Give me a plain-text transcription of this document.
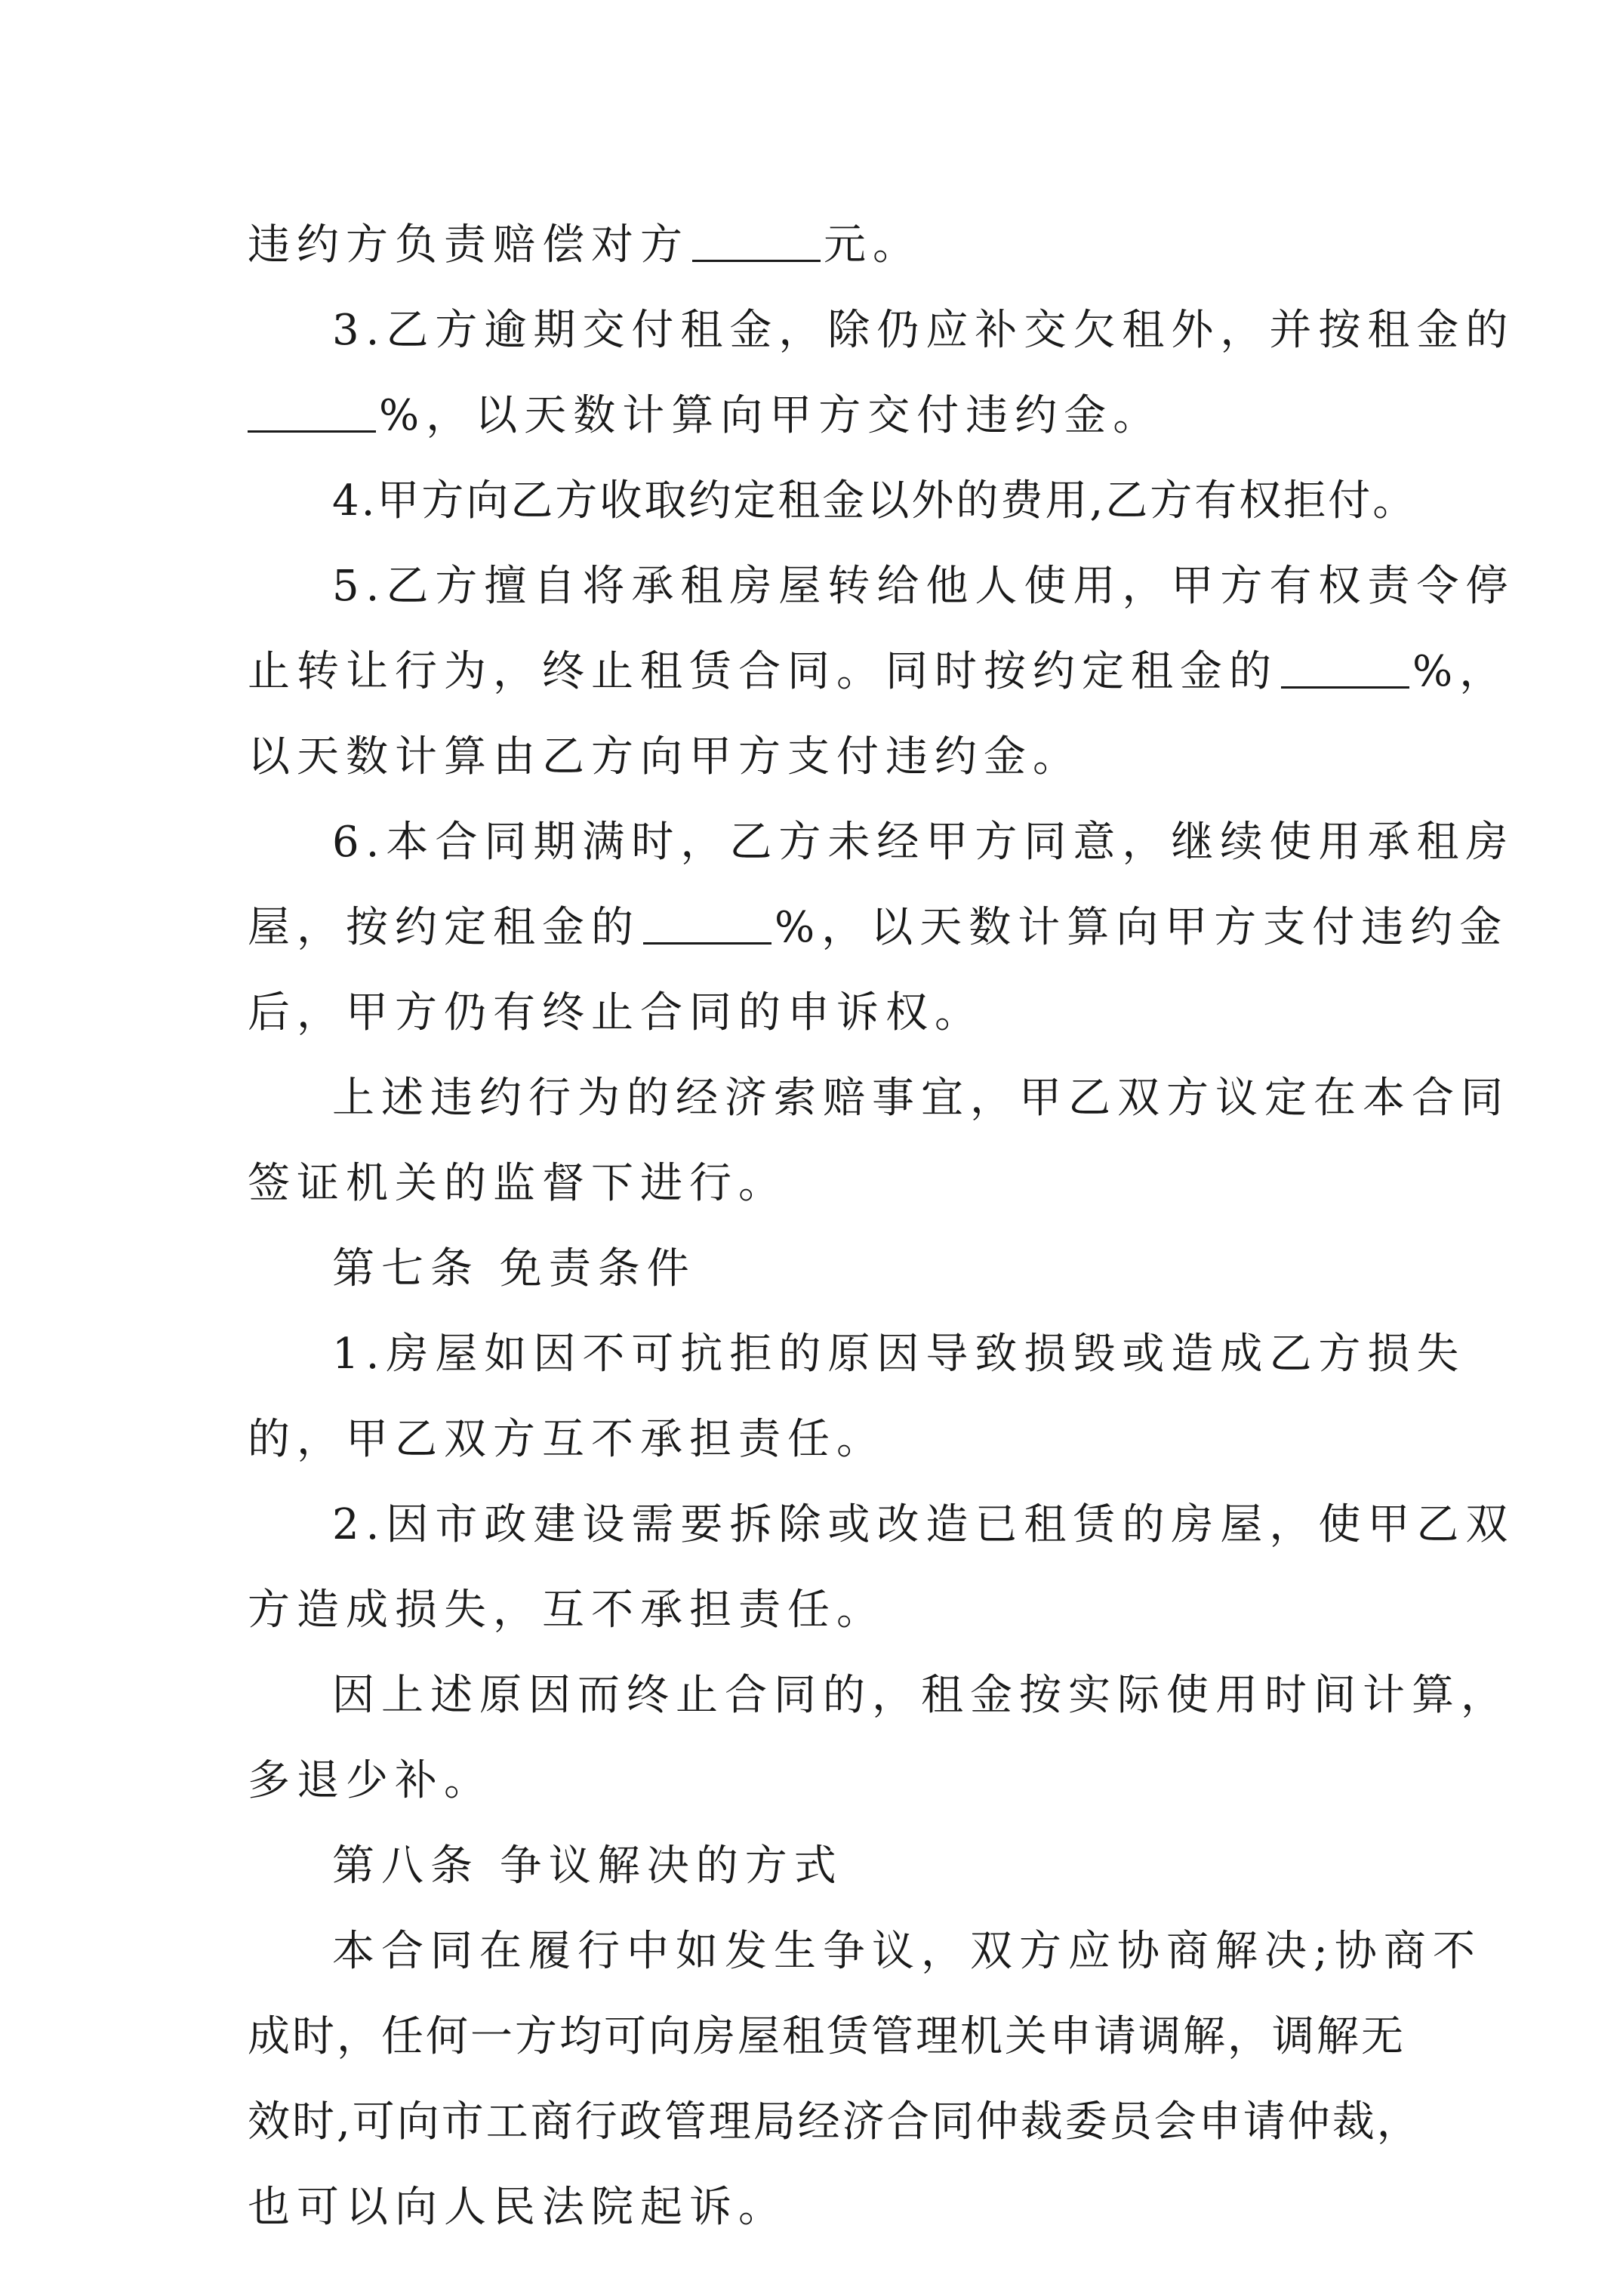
违约方负责赔偿对方	元。
3.乙方逾期交付租金，除仍应补交欠租外，并按租金的
%，以天数计算向甲方交付违约金。
4.甲方向乙方收取约定租金以外的费用,乙方有权拒付。
5.乙方擅自将承租房屋转给他人使用，甲方有权责令停
止转让行为，终止租赁合同。同时按约定租金的	%，
以天数计算由乙方向甲方支付违约金。
6.本合同期满时，乙方未经甲方同意，继续使用承租房
屋，按约定租金的	%，以天数计算向甲方支付违约金
后，甲方仍有终止合同的申诉权。
上述违约行为的经济索赔事宜，甲乙双方议定在本合同
签证机关的监督下进行。
第七条 免责条件
1.房屋如因不可抗拒的原因导致损毁或造成乙方损失
的，甲乙双方互不承担责任。
2.因市政建设需要拆除或改造已租赁的房屋，使甲乙双
方造成损失，互不承担责任。
因上述原因而终止合同的，租金按实际使用时间计算，
多退少补。
第八条 争议解决的方式
本合同在履行中如发生争议，双方应协商解决;协商不
成时，任何一方均可向房屋租赁管理机关申请调解，调解无
效时,可向市工商行政管理局经济合同仲裁委员会申请仲裁，
也可以向人民法院起诉。
